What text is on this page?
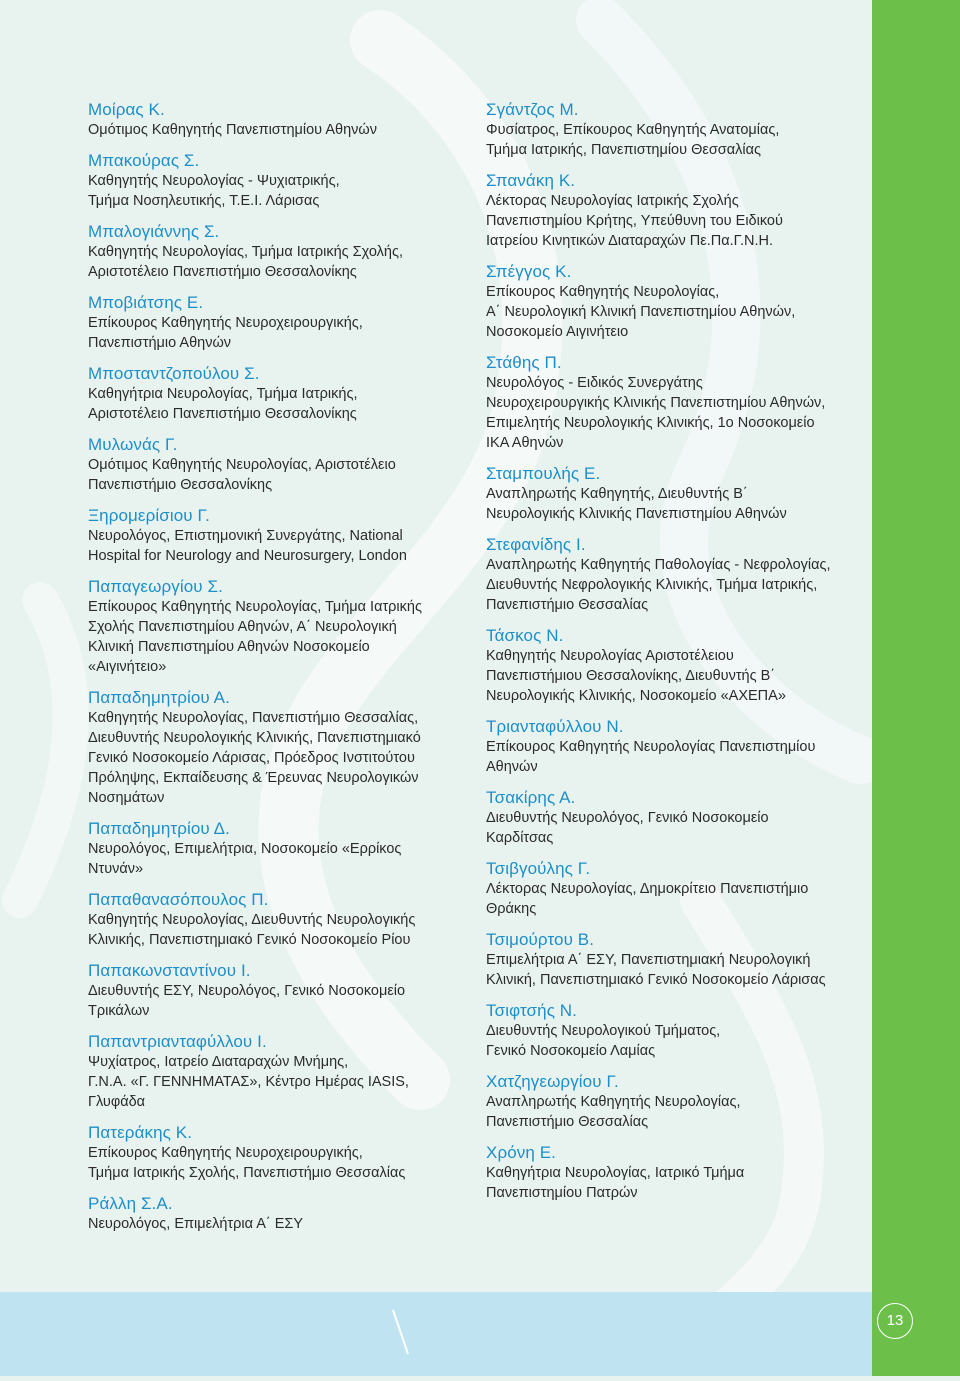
13
Μοίρας Κ.
Ομότιμος Καθηγητής Πανεπιστημίου Αθηνών
Μπακούρας Σ.
Καθηγητής Νευρολογίας - Ψυχιατρικής,
Τμήμα Νοσηλευτικής, Τ.Ε.Ι. Λάρισας
Μπαλογιάννης Σ.
Καθηγητής Νευρολογίας, Τμήμα Ιατρικής Σχολής,
Αριστοτέλειο Πανεπιστήμιο Θεσσαλονίκης
Μποβιάτσης Ε.
Επίκουρος Καθηγητής Νευροχειρουργικής,
Πανεπιστήμιο Αθηνών
Μποσταντζοπούλου Σ.
Καθηγήτρια Νευρολογίας, Τμήμα Ιατρικής,
Αριστοτέλειο Πανεπιστήμιο Θεσσαλονίκης
Μυλωνάς Γ.
Ομότιμος Καθηγητής Νευρολογίας, Αριστοτέλειο
Πανεπιστήμιο Θεσσαλονίκης
Ξηρομερίσιου Γ.
Νευρολόγος, Επιστημονική Συνεργάτης, National
Hospital for Neurology and Neurosurgery, London
Παπαγεωργίου Σ.
Επίκουρος Καθηγητής Νευρολογίας, Τμήμα Ιατρικής
Σχολής Πανεπιστημίου Αθηνών, Α΄ Νευρολογική
Κλινική Πανεπιστημίου Αθηνών Νοσοκομείο
«Αιγινήτειο»
Παπαδημητρίου Α.
Καθηγητής Νευρολογίας, Πανεπιστήμιο Θεσσαλίας,
Διευθυντής Νευρολογικής Κλινικής, Πανεπιστημιακό
Γενικό Νοσοκομείο Λάρισας, Πρόεδρος Ινστιτούτου
Πρόληψης, Εκπαίδευσης & Έρευνας Νευρολογικών
Νοσημάτων
Παπαδημητρίου Δ.
Νευρολόγος, Επιμελήτρια, Νοσοκομείο «Ερρίκος
Ντυνάν»
Παπαθανασόπουλος Π.
Καθηγητής Νευρολογίας, Διευθυντής Νευρολογικής
Κλινικής, Πανεπιστημιακό Γενικό Νοσοκομείο Ρίου
Παπακωνσταντίνου Ι.
Διευθυντής ΕΣΥ, Νευρολόγος, Γενικό Νοσοκομείο
Τρικάλων
Παπαντριανταφύλλου Ι.
Ψυχίατρος, Ιατρείο Διαταραχών Μνήμης,
Γ.Ν.Α. «Γ. ΓΕΝΝΗΜΑΤΑΣ», Κέντρο Ημέρας IASIS,
Γλυφάδα
Πατεράκης Κ.
Επίκουρος Καθηγητής Νευροχειρουργικής,
Τμήμα Ιατρικής Σχολής, Πανεπιστήμιο Θεσσαλίας
Ράλλη Σ.Α.
Νευρολόγος, Επιμελήτρια Α΄ ΕΣΥ
Σγάντζος Μ.
Φυσίατρος, Επίκουρος Καθηγητής Ανατομίας,
Τμήμα Ιατρικής, Πανεπιστημίου Θεσσαλίας
Σπανάκη Κ.
Λέκτορας Νευρολογίας Ιατρικής Σχολής
Πανεπιστημίου Κρήτης, Υπεύθυνη του Ειδικού
Ιατρείου Κινητικών Διαταραχών Πε.Πα.Γ.Ν.Η.
Σπέγγος Κ.
Επίκουρος Καθηγητής Νευρολογίας,
Α΄ Νευρολογική Κλινική Πανεπιστημίου Αθηνών,
Νοσοκομείο Αιγινήτειο
Στάθης Π.
Νευρολόγος - Ειδικός Συνεργάτης
Νευροχειρουργικής Κλινικής Πανεπιστημίου Αθηνών,
Επιμελητής Νευρολογικής Κλινικής, 1ο Νοσοκομείο
ΙΚΑ Αθηνών
Σταμπουλής Ε.
Αναπληρωτής Καθηγητής, Διευθυντής Β΄
Νευρολογικής Κλινικής Πανεπιστημίου Αθηνών
Στεφανίδης Ι.
Αναπληρωτής Καθηγητής Παθολογίας - Νεφρολογίας,
Διευθυντής Νεφρολογικής Κλινικής, Τμήμα Ιατρικής,
Πανεπιστήμιο Θεσσαλίας
Τάσκος Ν.
Καθηγητής Νευρολογίας Αριστοτέλειου
Πανεπιστήμιου Θεσσαλονίκης, Διευθυντής Β΄
Νευρολογικής Κλινικής, Νοσοκομείο «ΑΧΕΠΑ»
Τριανταφύλλου Ν.
Επίκουρος Καθηγητής Νευρολογίας Πανεπιστημίου
Αθηνών
Τσακίρης Α.
Διευθυντής Νευρολόγος, Γενικό Νοσοκομείο
Καρδίτσας
Τσιβγούλης Γ.
Λέκτορας Νευρολογίας, Δημοκρίτειο Πανεπιστήμιο
Θράκης
Τσιμούρτου Β.
Επιμελήτρια Α΄ ΕΣΥ, Πανεπιστημιακή Νευρολογική
Κλινική, Πανεπιστημιακό Γενικό Νοσοκομείο Λάρισας
Τσιφτσής Ν.
Διευθυντής Νευρολογικού Τμήματος,
Γενικό Νοσοκομείο Λαμίας
Χατζηγεωργίου Γ.
Αναπληρωτής Καθηγητής Νευρολογίας,
Πανεπιστήμιο Θεσσαλίας
Χρόνη Ε.
Καθηγήτρια Νευρολογίας, Ιατρικό Τμήμα
Πανεπιστημίου Πατρών
